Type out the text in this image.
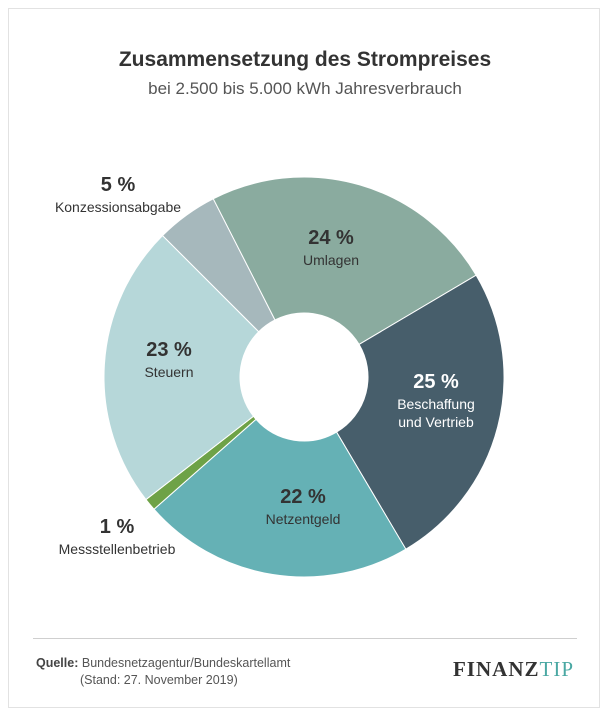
Zusammensetzung des Strompreises
bei 2.500 bis 5.000 kWh Jahresverbrauch
24 %
Umlagen
25 %
Beschaffung
und Vertrieb
22 %
Netzentgeld
1 %
Messstellenbetrieb
23 %
Steuern
5 %
Konzessionsabgabe
Quelle: Bundesnetzagentur/Bundeskartellamt
(Stand: 27. November 2019)	FINANZTIP
